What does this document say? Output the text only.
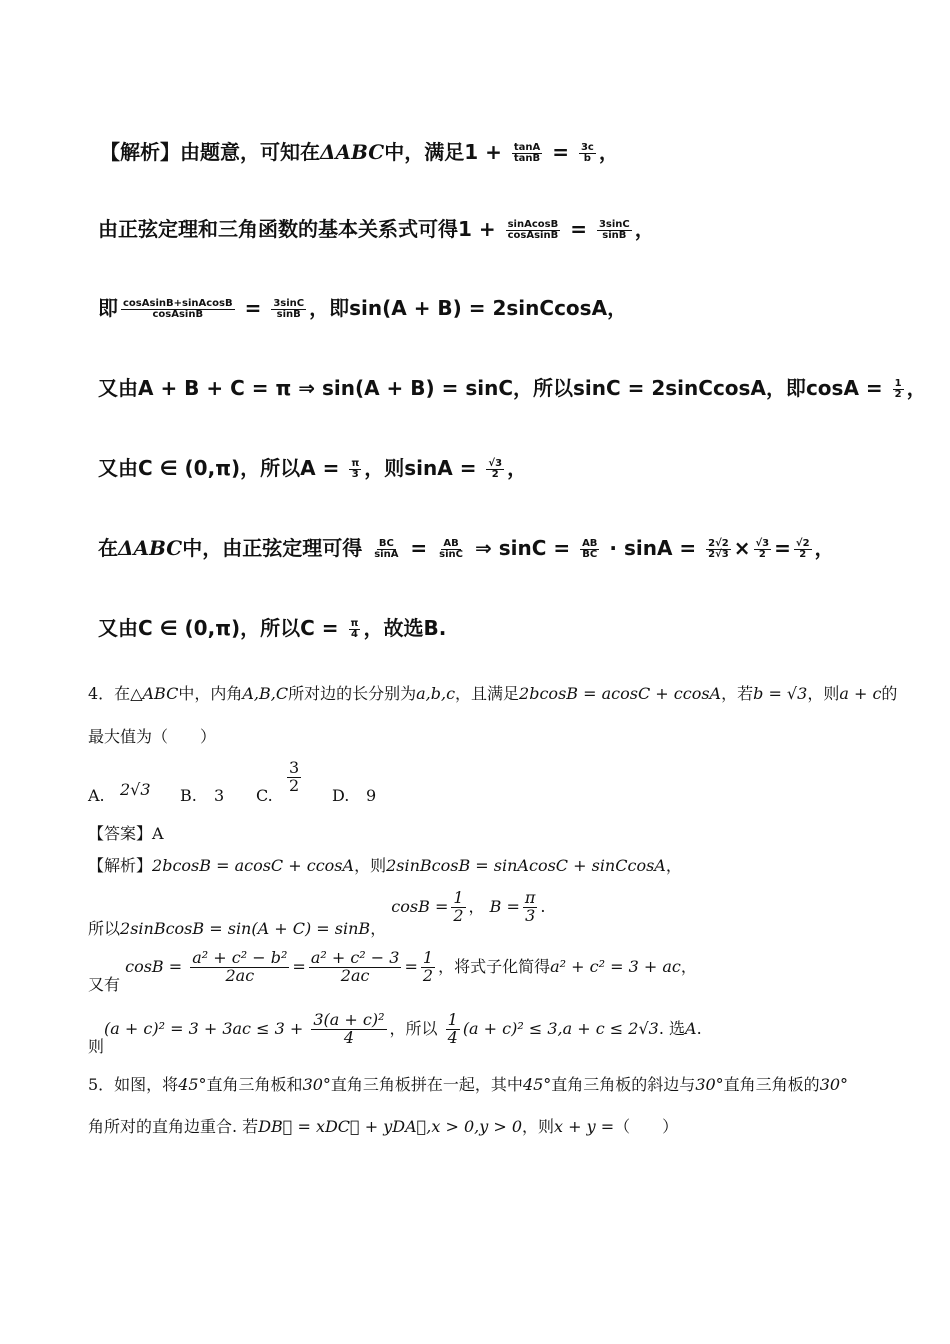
【解析】由题意，可知在ΔABC中，满足$1 + \frac{\tan A}{\tan B} = \frac{3c}{b}$ ，
由正弦定理和三角函数的基本关系式可得$1 + \frac{\text{sinAcosB}}{\text{cosAsinB}} = \frac{3\sin C}{\sin B}$ ，
即 $\frac{\text{cosAsinB+sinAcosB}}{\text{cosAsinB}} = \frac{3\sin C}{\sin B}$ ，即sin(A + B) = 2sinCcosA，
又由A + B + C = π ⇒ sin(A + B) = sinC，所以sinC = 2sinCcosA，即$\cos A = \frac{1}{2}$ ，
又由C ∈ (0,π)，所以$A = \frac{\pi}{3}$ ，则$\sin A = \frac{√3}{2}$ ，
在ΔABC中，由正弦定理可得 $\frac{BC}{\sin A} = \frac{AB}{\sin C}$ ⇒ $\sin C = \frac{AB}{BC} \cdot \sin A = \frac{2√2}{2√3} \times \frac{√3}{2} = \frac{√2}{2}$ ，
又由C ∈ (0,π)，所以$C = \frac{\pi}{4}$ ，故选B.
4．在△ABC中，内角A,B,C所对边的长分别为a,b,c，且满足2bcosB = acosC + ccosA，若b = √3，则a + c的
最大值为（　　）
A. 2√3 B. 3 C.
$\frac{3}{2}$
D. 9
【答案】A
【解析】2bcosB = acosC + ccosA，则2sinBcosB = sinAcosC + sinCcosA，
所以2sinBcosB = sin(A + C) = sinB， $\cos B = \frac{1}{2}$ ， $B = \frac{\pi}{3}$ .
又有 $\cos B = \frac{\text{a² + c² − b²}}{2ac} = \frac{\text{a² + c² − 3}}{2ac} = \frac{1}{2}$ ，将式子化简得a² + c² = 3 + ac，
则$(a + c)^2 = 3 + 3ac \le 3 + \frac{\text{3(a + c)²}}{4}$ ，所以 $\frac{1}{4} (a + c)^2 \le 3,a + c \le 2√3$. 选A.
5．如图，将45°直角三角板和30°直角三角板拼在一起，其中45°直角三角板的斜边与30°直角三角板的30°
角所对的直角边重合. 若DB⃗ = xDC⃗ + yDA⃗,x > 0,y > 0，则x + y =（　　）
